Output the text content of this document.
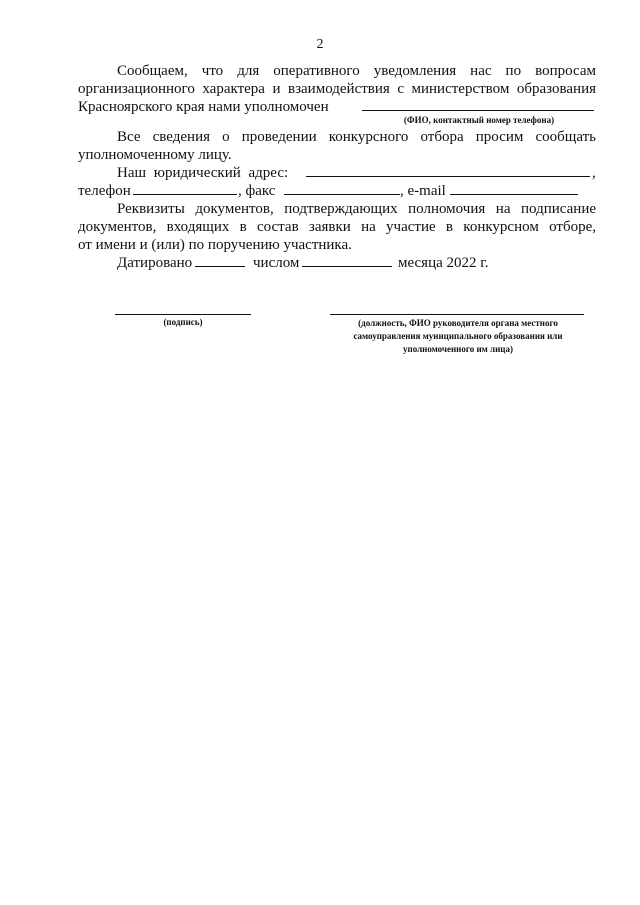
2
Сообщаем, что для оперативного уведомления нас по вопросам
организационного характера и взаимодействия с министерством образования
Красноярского края нами уполномочен
(ФИО, контактный номер телефона)
Все сведения о проведении конкурсного отбора просим сообщать
уполномоченному лицу.
Наш юридический адрес:	,
телефон	, факс	, e-mail
Реквизиты документов, подтверждающих полномочия на подписание
документов, входящих в состав заявки на участие в конкурсном отборе,
от имени и (или) по поручению участника.
Датировано	числом	месяца 2022 г.
(подпись)	(должность, ФИО руководителя органа местного
самоуправления муниципального образования или
уполномоченного им лица)
